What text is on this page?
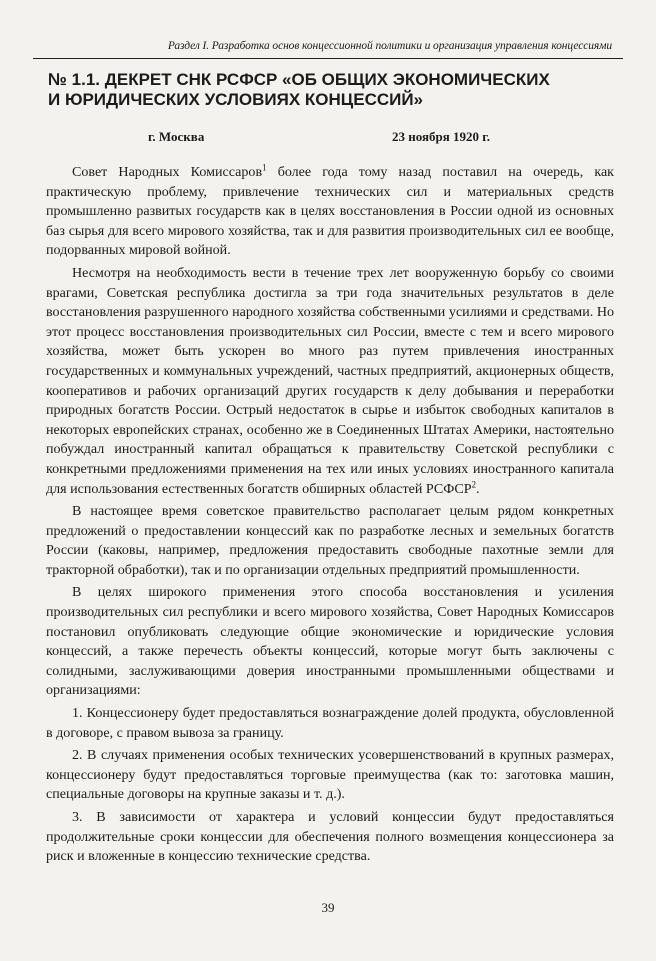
Раздел I. Разработка основ концессионной политики и организация управления концессиями
№ 1.1. ДЕКРЕТ СНК РСФСР «ОБ ОБЩИХ ЭКОНОМИЧЕСКИХ
И ЮРИДИЧЕСКИХ УСЛОВИЯХ КОНЦЕССИЙ»
г. Москва	23 ноября 1920 г.

Совет Народных Комиссаров$^1$ более года тому назад поставил на очередь, как практическую проблему, привлечение технических сил и материальных средств промышленно развитых государств как в целях восстановления в России одной из основных баз сырья для всего мирового хозяйства, так и для развития производительных сил ее вообще, подорванных мировой войной.

Несмотря на необходимость вести в течение трех лет вооруженную борьбу со своими врагами, Советская республика достигла за три года значительных результатов в деле восстановления разрушенного народного хозяйства собственными усилиями и средствами. Но этот процесс восстановления производительных сил России, вместе с тем и всего мирового хозяйства, может быть ускорен во много раз путем привлечения иностранных государственных и коммунальных учреждений, частных предприятий, акционерных обществ, кооперативов и рабочих организаций других государств к делу добывания и переработки природных богатств России. Острый недостаток в сырье и избыток свободных капиталов в некоторых европейских странах, особенно же в Соединенных Штатах Америки, настоятельно побуждал иностранный капитал обращаться к правительству Советской республики с конкретными предложениями применения на тех или иных условиях иностранного капитала для использования естественных богатств обширных областей РСФСР$^2$.

В настоящее время советское правительство располагает целым рядом конкретных предложений о предоставлении концессий как по разработке лесных и земельных богатств России (каковы, например, предложения предоставить свободные пахотные земли для тракторной обработки), так и по организации отдельных предприятий промышленности.

В целях широкого применения этого способа восстановления и усиления производительных сил республики и всего мирового хозяйства, Совет Народных Комиссаров постановил опубликовать следующие общие экономические и юридические условия концессий, а также перечесть объекты концессий, которые могут быть заключены с солидными, заслуживающими доверия иностранными промышленными обществами и организациями:

1. Концессионеру будет предоставляться вознаграждение долей продукта, обусловленной в договоре, с правом вывоза за границу.

2. В случаях применения особых технических усовершенствований в крупных размерах, концессионеру будут предоставляться торговые преимущества (как то: заготовка машин, специальные договоры на крупные заказы и т. д.).

3. В зависимости от характера и условий концессии будут предоставляться продолжительные сроки концессии для обеспечения полного возмещения концессионера за риск и вложенные в концессию технические средства.

39
